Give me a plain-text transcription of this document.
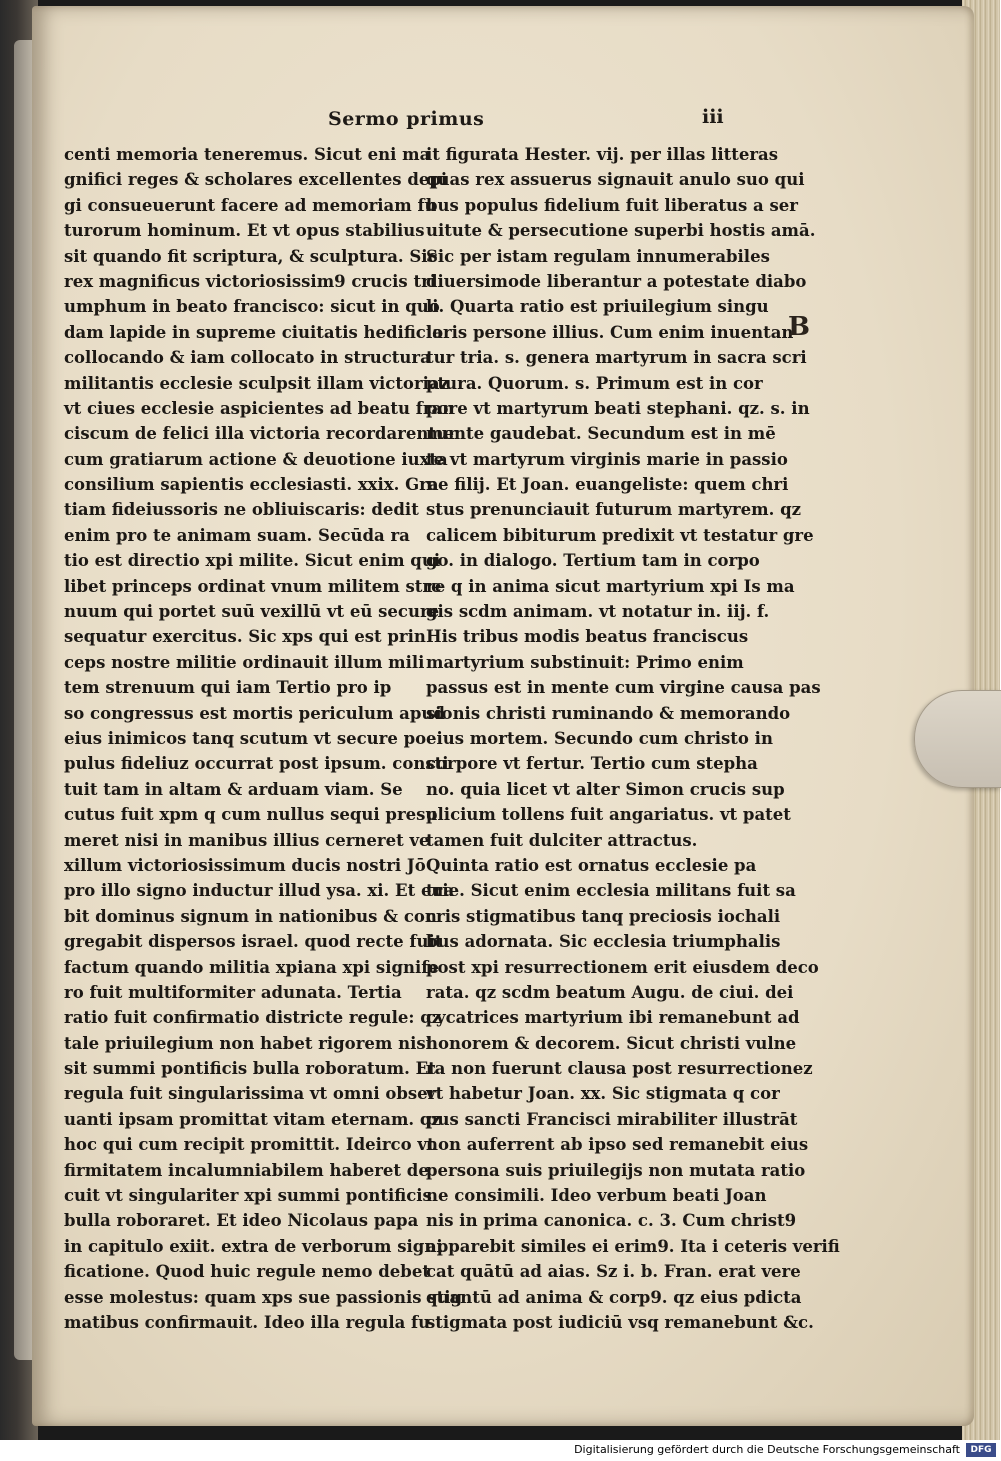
Sermo primus	iii
centi memoria teneremus. Sicut eni ma
gnifici reges & scholares excellentes depi
gi consueuerunt facere ad memoriam fu
turorum hominum. Et vt opus stabilius
sit quando fit scriptura, & sculptura. Sic
rex magnificus victoriosissim9 crucis tri
umphum in beato francisco: sicut in quo
dam lapide in supreme ciuitatis hedificio
collocando & iam collocato in structura
militantis ecclesie sculpsit illam victoriaz
vt ciues ecclesie aspicientes ad beatu fran
ciscum de felici illa victoria recordarentur
cum gratiarum actione & deuotione iuxta
consilium sapientis ecclesiasti. xxix. Gra
tiam fideiussoris ne obliuiscaris: dedit
enim pro te animam suam. Secūda ra
tio est directio xpi milite. Sicut enim qui
libet princeps ordinat vnum militem stre
nuum qui portet suū vexillū vt eū secure
sequatur exercitus. Sic xps qui est prin
ceps nostre militie ordinauit illum mili
tem strenuum qui iam Tertio pro ip
so congressus est mortis periculum apud
eius inimicos tanq scutum vt secure po
pulus fideliuz occurrat post ipsum. consti
tuit tam in altam & arduam viam. Se
cutus fuit xpm q cum nullus sequi presu
meret nisi in manibus illius cerneret ve
xillum victoriosissimum ducis nostri Jō
pro illo signo inductur illud ysa. xi. Et eua
bit dominus signum in nationibus & con
gregabit dispersos israel. quod recte fuit
factum quando militia xpiana xpi signife
ro fuit multiformiter adunata. Tertia
ratio fuit confirmatio districte regule: qz
tale priuilegium non habet rigorem nisi
sit summi pontificis bulla roboratum. Et
regula fuit singularissima vt omni obser
uanti ipsam promittat vitam eternam. qz
hoc qui cum recipit promittit. Ideirco vt
firmitatem incalumniabilem haberet de
cuit vt singulariter xpi summi pontificis
bulla roboraret. Et ideo Nicolaus papa
in capitulo exiit. extra de verborum signi
ficatione. Quod huic regule nemo debet
esse molestus: quam xps sue passionis stig
matibus confirmauit. Ideo illa regula fu
it figurata Hester. vij. per illas litteras
quas rex assuerus signauit anulo suo qui
bus populus fidelium fuit liberatus a ser
uitute & persecutione superbi hostis amā.
Sic per istam regulam innumerabiles
diuersimode liberantur a potestate diabo
li. Quarta ratio est priuilegium singu
laris persone illius. Cum enim inuentan
tur tria. s. genera martyrum in sacra scri
ptura. Quorum. s. Primum est in cor
pore vt martyrum beati stephani. qz. s. in
mente gaudebat. Secundum est in mē
te vt martyrum virginis marie in passio
ne filij. Et Joan. euangeliste: quem chri
stus prenunciauit futurum martyrem. qz
calicem bibiturum predixit vt testatur gre
go. in dialogo. Tertium tam in corpo
re q in anima sicut martyrium xpi Is ma
gis scdm animam. vt notatur in. iij. f.
His tribus modis beatus franciscus
martyrium substinuit: Primo enim
passus est in mente cum virgine causa pas
sionis christi ruminando & memorando
eius mortem. Secundo cum christo in
corpore vt fertur. Tertio cum stepha
no. quia licet vt alter Simon crucis sup
plicium tollens fuit angariatus. vt patet
tamen fuit dulciter attractus.
Quinta ratio est ornatus ecclesie pa
trie. Sicut enim ecclesia militans fuit sa
cris stigmatibus tanq preciosis iochali
bus adornata. Sic ecclesia triumphalis
post xpi resurrectionem erit eiusdem deco
rata. qz scdm beatum Augu. de ciui. dei
cycatrices martyrium ibi remanebunt ad
honorem & decorem. Sicut christi vulne
ra non fuerunt clausa post resurrectionez
vt habetur Joan. xx. Sic stigmata q cor
pus sancti Francisci mirabiliter illustrāt
non auferrent ab ipso sed remanebit eius
persona suis priuilegijs non mutata ratio
ne consimili. Ideo verbum beati Joan
nis in prima canonica. c. 3. Cum christ9
apparebit similes ei erim9. Ita i ceteris verifi
cat quātū ad aias. Sz i. b. Fran. erat vere
quantū ad anima & corp9. qz eius pdicta
stigmata post iudiciū vsq remanebunt &c.
B
Digitalisierung gefördert durch die Deutsche Forschungsgemeinschaft	DFG
